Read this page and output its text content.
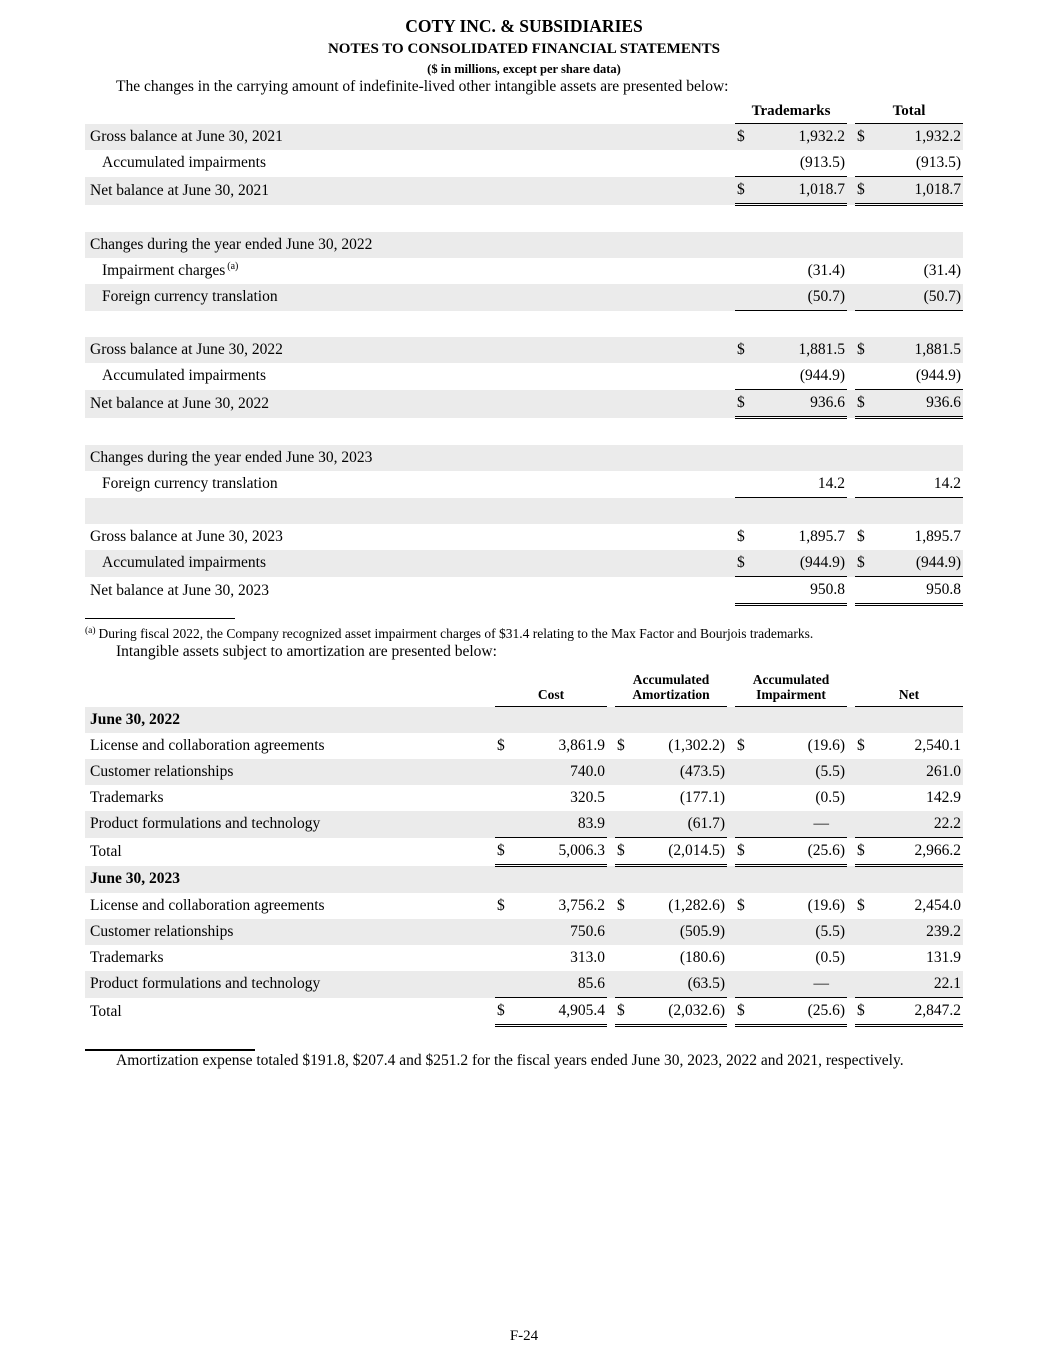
COTY INC. & SUBSIDIARIES
NOTES TO CONSOLIDATED FINANCIAL STATEMENTS
($ in millions, except per share data)

The changes in the carrying amount of indefinite-lived other intangible assets are presented below:

	Trademarks			Total	
Gross balance at June 30, 2021	$	1,932.2		$	1,932.2
Accumulated impairments		(913.5)			(913.5)
Net balance at June 30, 2021	$	1,018.7		$	1,018.7

Changes during the year ended June 30, 2022					
Impairment charges $^{(a)}$		(31.4)			(31.4)
Foreign currency translation		(50.7)			(50.7)

Gross balance at June 30, 2022	$	1,881.5		$	1,881.5
Accumulated impairments		(944.9)			(944.9)
Net balance at June 30, 2022	$	936.6		$	936.6

Changes during the year ended June 30, 2023					
Foreign currency translation		14.2			14.2

Gross balance at June 30, 2023	$	1,895.7		$	1,895.7
Accumulated impairments	$	(944.9)		$	(944.9)
Net balance at June 30, 2023		950.8			950.8

$^{(a)}$ During fiscal 2022, the Company recognized asset impairment charges of $31.4 relating to the Max Factor and Bourjois trademarks.

Intangible assets subject to amortization are presented below:

	Cost			Accumulated Amortization			Accumulated Impairment			Net	
June 30, 2022											
License and collaboration agreements	$	3,861.9		$	(1,302.2)		$	(19.6)		$	2,540.1
Customer relationships		740.0			(473.5)			(5.5)			261.0
Trademarks		320.5			(177.1)			(0.5)			142.9
Product formulations and technology		83.9			(61.7)			—			22.2
Total	$	5,006.3		$	(2,014.5)		$	(25.6)		$	2,966.2
June 30, 2023											
License and collaboration agreements	$	3,756.2		$	(1,282.6)		$	(19.6)		$	2,454.0
Customer relationships		750.6			(505.9)			(5.5)			239.2
Trademarks		313.0			(180.6)			(0.5)			131.9
Product formulations and technology		85.6			(63.5)			—			22.1
Total	$	4,905.4		$	(2,032.6)		$	(25.6)		$	2,847.2

Amortization expense totaled $191.8, $207.4 and $251.2 for the fiscal years ended June 30, 2023, 2022 and 2021, respectively.

F-24
